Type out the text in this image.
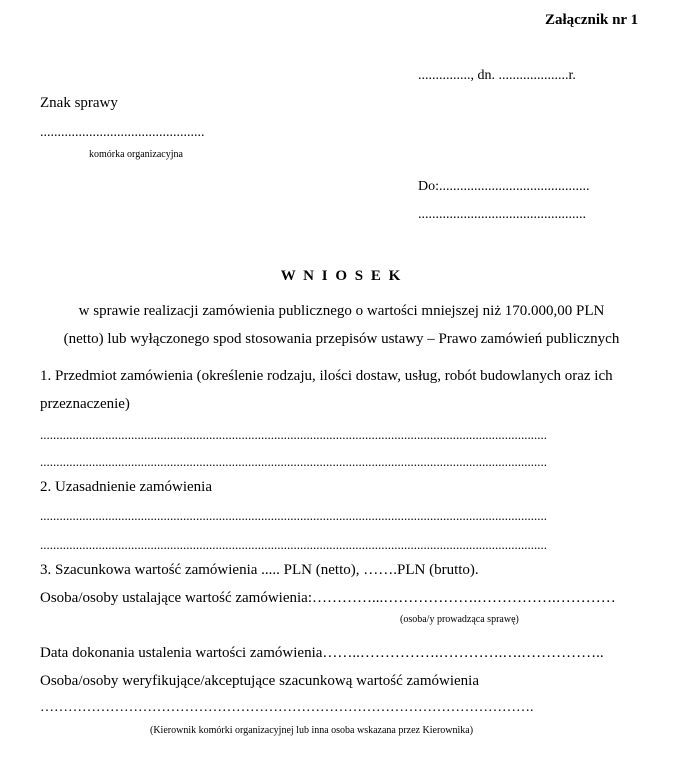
Załącznik nr 1
..............., dn. ....................r.
Znak sprawy
...............................................
komórka organizacyjna
Do:...........................................
................................................
W N I O S E K
w sprawie realizacji zamówienia publicznego o wartości mniejszej niż 170.000,00 PLN
(netto) lub wyłączonego spod stosowania przepisów ustawy – Prawo zamówień publicznych
1. Przedmiot zamówienia (określenie rodzaju, ilości dostaw, usług, robót budowlanych oraz ich
przeznaczenie)
............................................................................................................................................................
............................................................................................................................................................
2. Uzasadnienie zamówienia
............................................................................................................................................................
............................................................................................................................................................
3. Szacunkowa wartość zamówienia ..... PLN (netto), …….PLN (brutto).
Osoba/osoby ustalające wartość zamówienia:…………...……………….…………….…………
(osoba/y prowadząca sprawę)
Data dokonania ustalenia wartości zamówienia……..…………….………….….……………..
Osoba/osoby weryfikujące/akceptujące szacunkową wartość zamówienia
…………………………………………………………………………………………….
(Kierownik komórki organizacyjnej lub inna osoba wskazana przez Kierownika)
